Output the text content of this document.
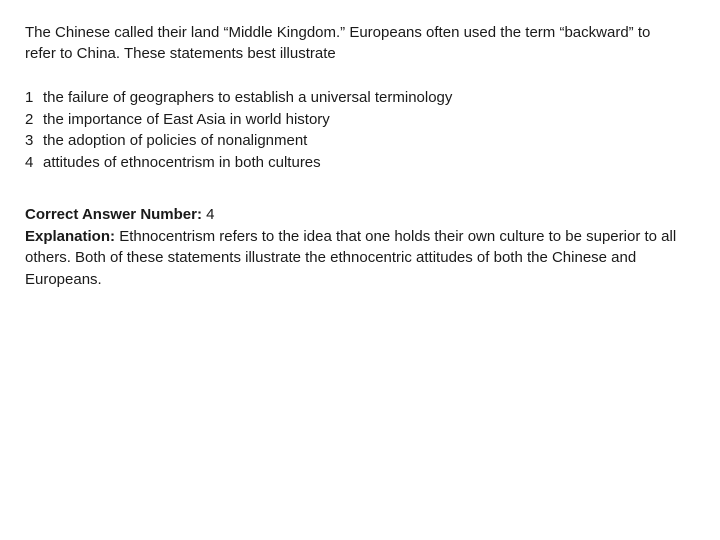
The Chinese called their land “Middle Kingdom.” Europeans often used the term “backward” to refer to China. These statements best illustrate

1 the failure of geographers to establish a universal terminology
2 the importance of East Asia in world history
3 the adoption of policies of nonalignment
4 attitudes of ethnocentrism in both cultures

Correct Answer Number: 4

Explanation: Ethnocentrism refers to the idea that one holds their own culture to be superior to all others. Both of these statements illustrate the ethnocentric attitudes of both the Chinese and Europeans.
